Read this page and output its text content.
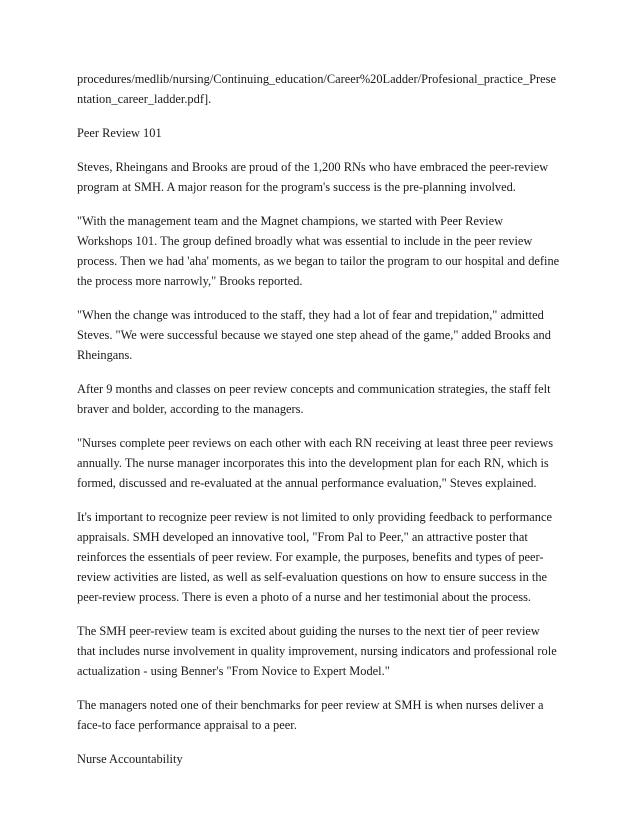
procedures/medlib/nursing/Continuing_education/Career%20Ladder/Profesional_practice_Prese
ntation_career_ladder.pdf].

Peer Review 101

Steves, Rheingans and Brooks are proud of the 1,200 RNs who have embraced the peer-review
program at SMH. A major reason for the program's success is the pre-planning involved.

"With the management team and the Magnet champions, we started with Peer Review
Workshops 101. The group defined broadly what was essential to include in the peer review
process. Then we had 'aha' moments, as we began to tailor the program to our hospital and define
the process more narrowly," Brooks reported.

"When the change was introduced to the staff, they had a lot of fear and trepidation," admitted
Steves. "We were successful because we stayed one step ahead of the game," added Brooks and
Rheingans.

After 9 months and classes on peer review concepts and communication strategies, the staff felt
braver and bolder, according to the managers.

"Nurses complete peer reviews on each other with each RN receiving at least three peer reviews
annually. The nurse manager incorporates this into the development plan for each RN, which is
formed, discussed and re-evaluated at the annual performance evaluation," Steves explained.

It's important to recognize peer review is not limited to only providing feedback to performance
appraisals. SMH developed an innovative tool, "From Pal to Peer," an attractive poster that
reinforces the essentials of peer review. For example, the purposes, benefits and types of peer-
review activities are listed, as well as self-evaluation questions on how to ensure success in the
peer-review process. There is even a photo of a nurse and her testimonial about the process.

The SMH peer-review team is excited about guiding the nurses to the next tier of peer review
that includes nurse involvement in quality improvement, nursing indicators and professional role
actualization - using Benner's "From Novice to Expert Model."

The managers noted one of their benchmarks for peer review at SMH is when nurses deliver a
face-to face performance appraisal to a peer.

Nurse Accountability
